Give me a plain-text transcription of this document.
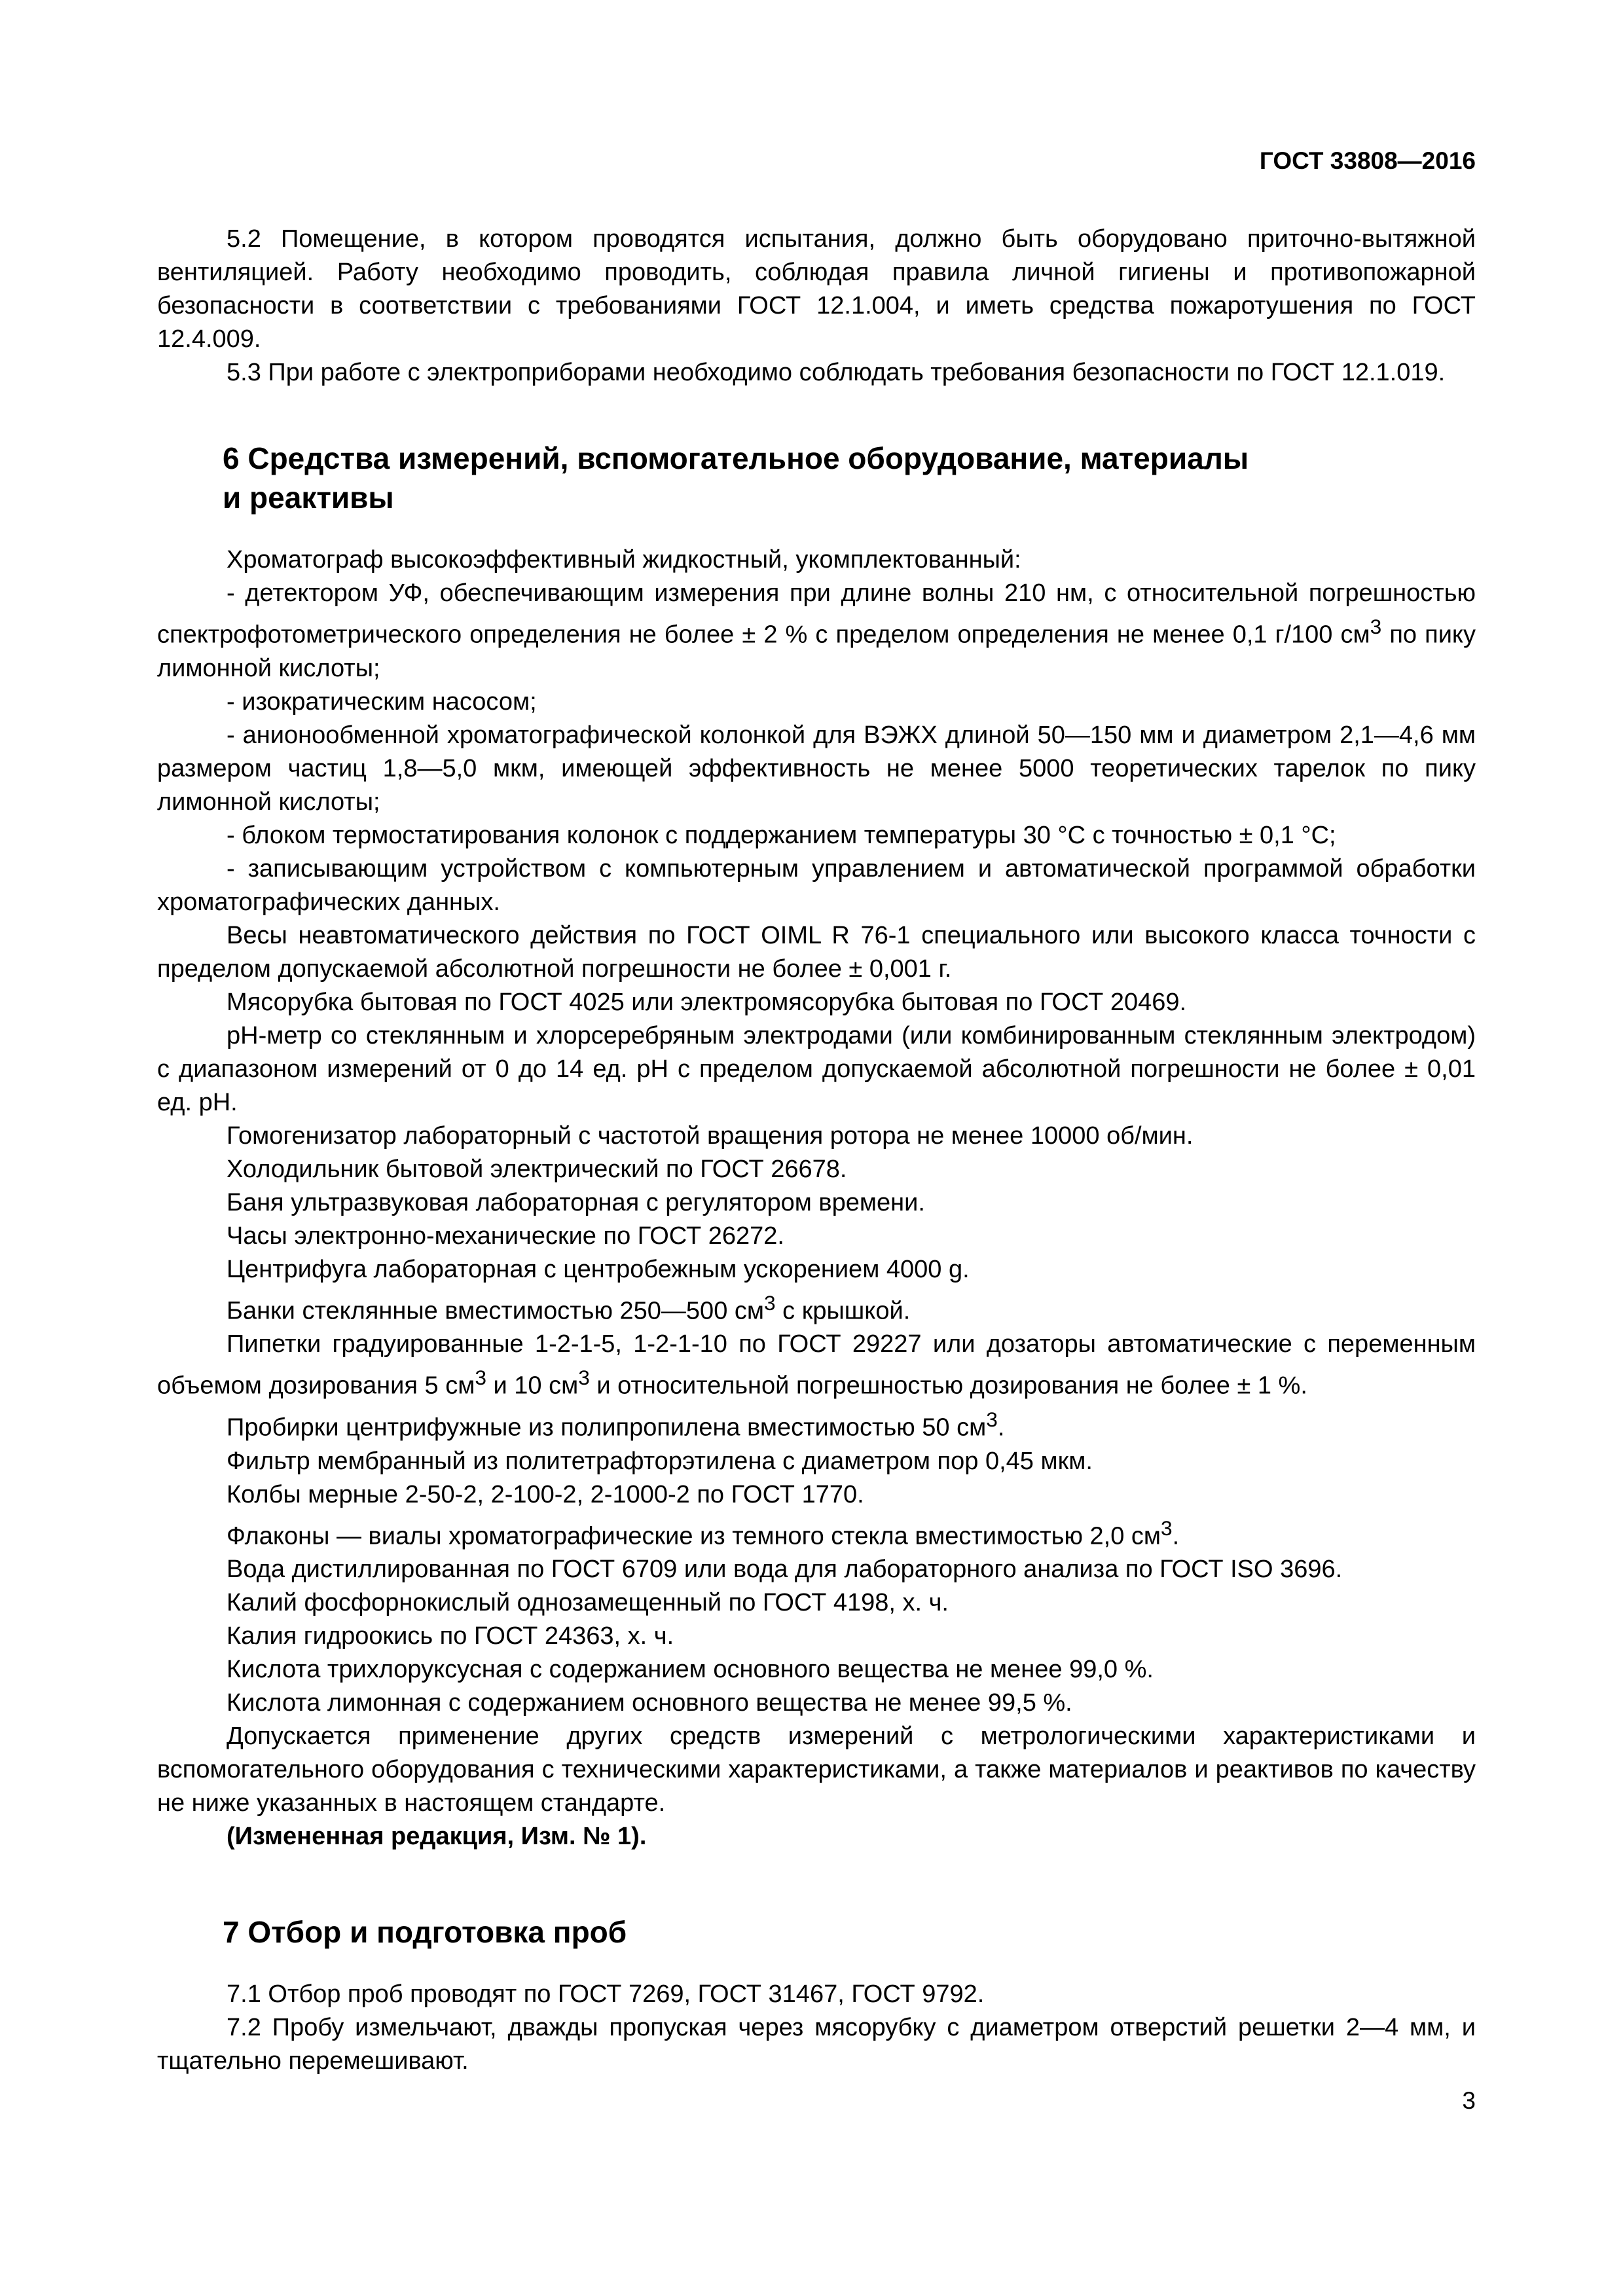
ГОСТ 33808—2016

5.2 Помещение, в котором проводятся испытания, должно быть оборудовано приточно-вытяжной вентиляцией. Работу необходимо проводить, соблюдая правила личной гигиены и противопожарной безопасности в соответствии с требованиями ГОСТ 12.1.004, и иметь средства пожаротушения по ГОСТ 12.4.009.

5.3 При работе с электроприборами необходимо соблюдать требования безопасности по ГОСТ 12.1.019.

6 Средства измерений, вспомогательное оборудование, материалы
и реактивы

Хроматограф высокоэффективный жидкостный, укомплектованный:

- детектором УФ, обеспечивающим измерения при длине волны 210 нм, с относительной погрешностью спектрофотометрического определения не более ± 2 % с пределом определения не менее 0,1 г/100 $см^3$ по пику лимонной кислоты;

- изократическим насосом;

- анионообменной хроматографической колонкой для ВЭЖХ длиной 50—150 мм и диаметром 2,1—4,6 мм размером частиц 1,8—5,0 мкм, имеющей эффективность не менее 5000 теоретических тарелок по пику лимонной кислоты;

- блоком термостатирования колонок с поддержанием температуры 30 °С с точностью ± 0,1 °С;

- записывающим устройством с компьютерным управлением и автоматической программой обработки хроматографических данных.

Весы неавтоматического действия по ГОСТ OIML R 76-1 специального или высокого класса точности с пределом допускаемой абсолютной погрешности не более ± 0,001 г.

Мясорубка бытовая по ГОСТ 4025 или электромясорубка бытовая по ГОСТ 20469.

рН-метр со стеклянным и хлорсеребряным электродами (или комбинированным стеклянным электродом) с диапазоном измерений от 0 до 14 ед. рН с пределом допускаемой абсолютной погрешности не более ± 0,01 ед. рН.

Гомогенизатор лабораторный с частотой вращения ротора не менее 10000 об/мин.

Холодильник бытовой электрический по ГОСТ 26678.

Баня ультразвуковая лабораторная с регулятором времени.

Часы электронно-механические по ГОСТ 26272.

Центрифуга лабораторная с центробежным ускорением 4000 g.

Банки стеклянные вместимостью 250—500 $см^3$ с крышкой.

Пипетки градуированные 1-2-1-5, 1-2-1-10 по ГОСТ 29227 или дозаторы автоматические с переменным объемом дозирования 5 $см^3$ и 10 $см^3$ и относительной погрешностью дозирования не более ± 1 %.

Пробирки центрифужные из полипропилена вместимостью 50 $см^3$.

Фильтр мембранный из политетрафторэтилена с диаметром пор 0,45 мкм.

Колбы мерные 2-50-2, 2-100-2, 2-1000-2 по ГОСТ 1770.

Флаконы — виалы хроматографические из темного стекла вместимостью 2,0 $см^3$.

Вода дистиллированная по ГОСТ 6709 или вода для лабораторного анализа по ГОСТ ISO 3696.

Калий фосфорнокислый однозамещенный по ГОСТ 4198, х. ч.

Калия гидроокись по ГОСТ 24363, х. ч.

Кислота трихлоруксусная с содержанием основного вещества не менее 99,0 %.

Кислота лимонная с содержанием основного вещества не менее 99,5 %.

Допускается применение других средств измерений с метрологическими характеристиками и вспомогательного оборудования с техническими характеристиками, а также материалов и реактивов по качеству не ниже указанных в настоящем стандарте.

(Измененная редакция, Изм. № 1).

7 Отбор и подготовка проб

7.1 Отбор проб проводят по ГОСТ 7269, ГОСТ 31467, ГОСТ 9792.

7.2 Пробу измельчают, дважды пропуская через мясорубку с диаметром отверстий решетки 2—4 мм, и тщательно перемешивают.

3
